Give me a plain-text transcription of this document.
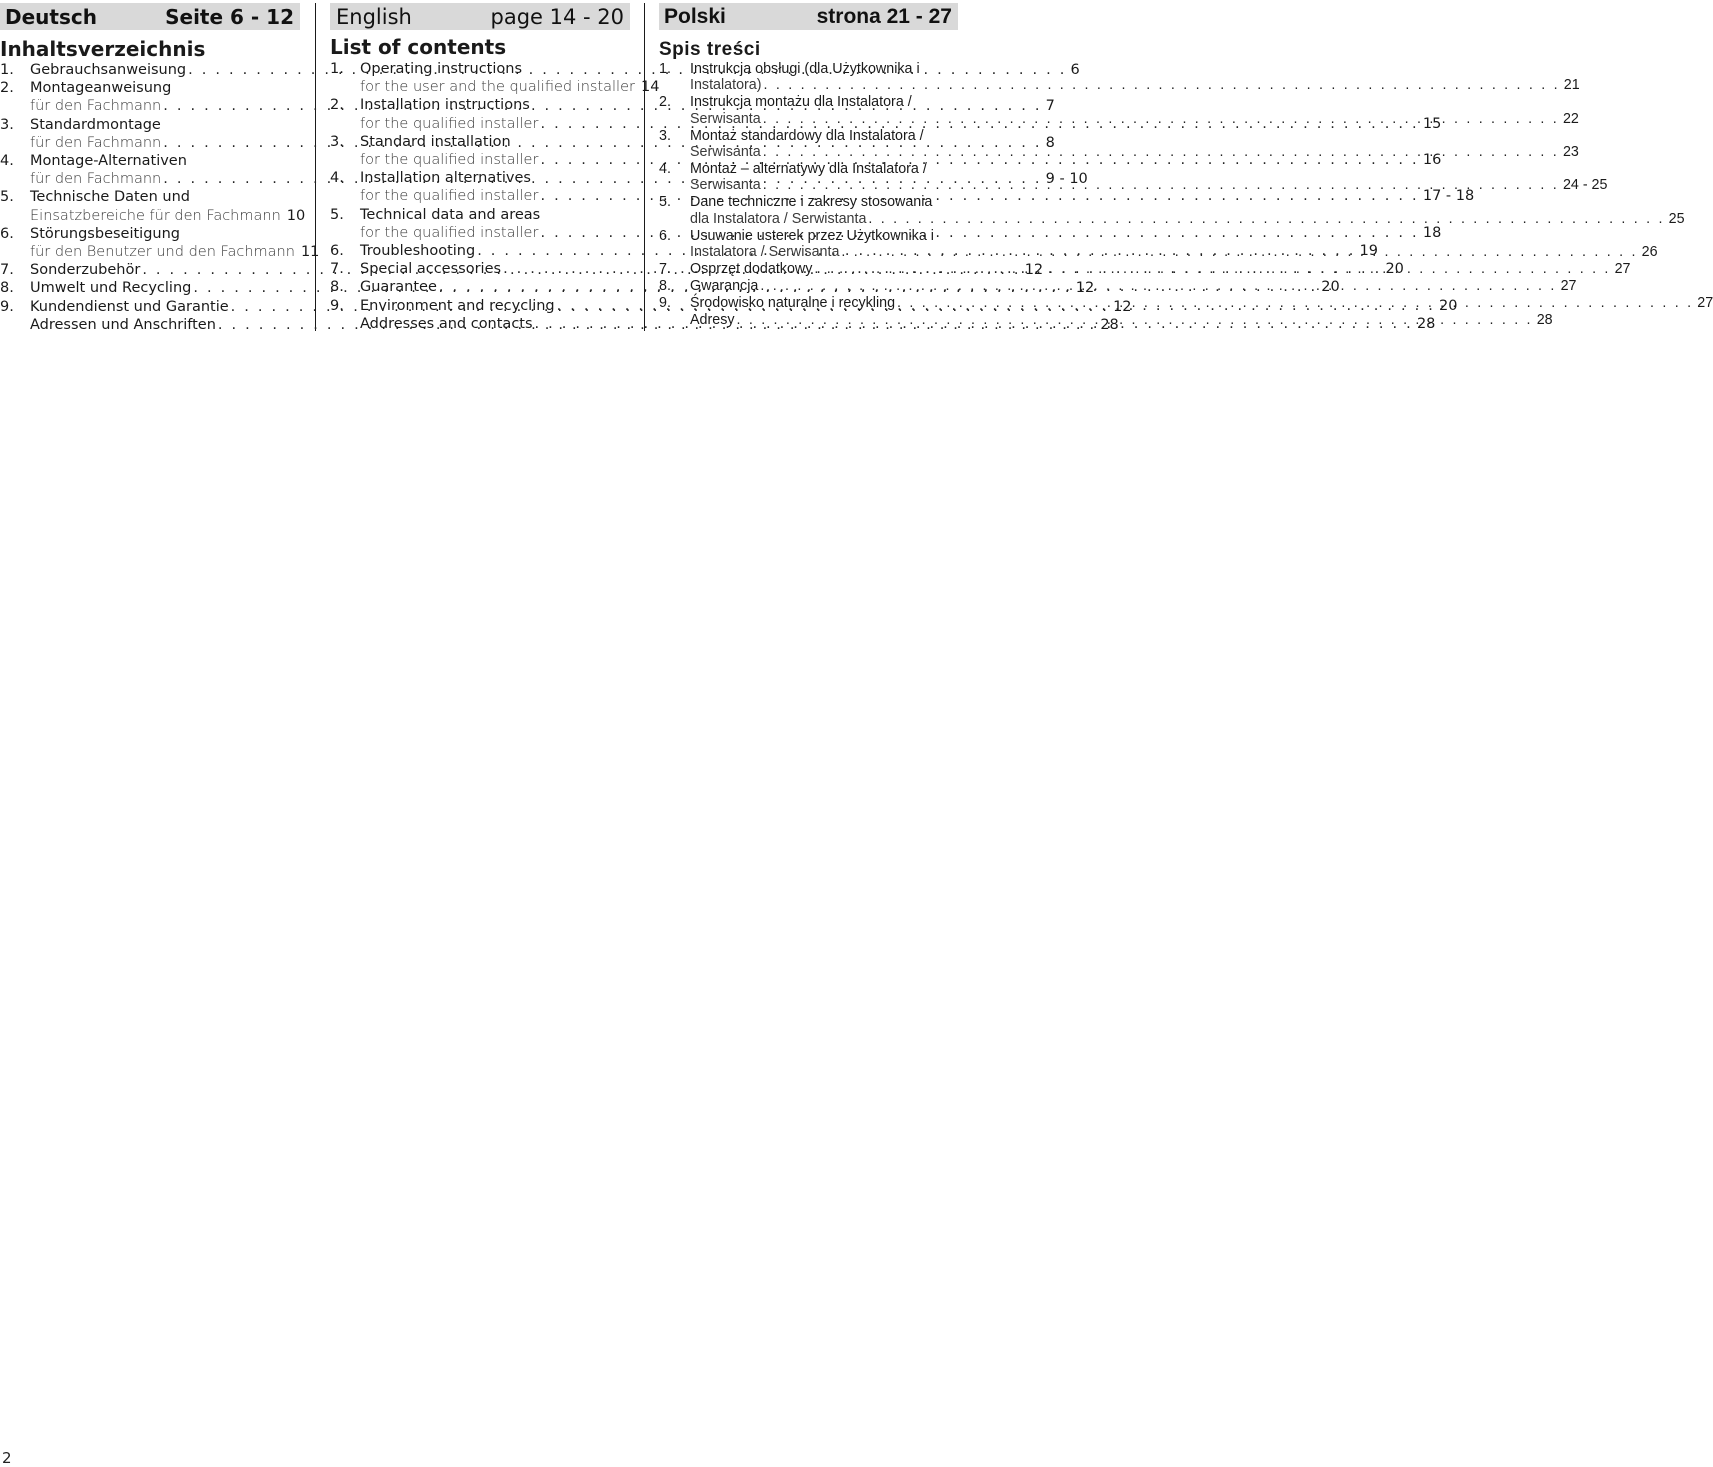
Deutsch	Seite 6 - 12
Inhaltsverzeichnis
1.	Gebrauchsanweisung . . .	6
2.	Montageanweisung
für den Fachmann . . .	7
3.	Standardmontage
für den Fachmann . . .	8
4.	Montage-Alternativen
für den Fachmann . . .	9 - 10
5.	Technische Daten und
Einsatzbereiche für den Fachmann 10
6.	Störungsbeseitigung
für den Benutzer und den Fachmann 11
7.	Sonderzubehör . . .	12
8.	Umwelt und Recycling . . .	12
9.	Kundendienst und Garantie . . .	12
Adressen und Anschriften . . .	28
English	page 14 - 20
List of contents
1.	Operating instructions
for the user and the qualified installer 14
2.	Installation instructions
for the qualified installer . . .	15
3.	Standard installation
for the qualified installer . . .	16
4.	Installation alternatives
for the qualified installer . . .	17 - 18
5.	Technical data and areas
for the qualified installer . . .	18
6.	Troubleshooting . . .	19
7.	Special accessories . . .	20
8.	Guarantee . . .	20
9.	Environment and recycling . . .	20
Addresses and contacts . . .	28
Polski	strona 21 - 27
Spis treści
1.	Instrukcja obsługi (dla Użytkownika i
Instalatora) . . .	21
2.	Instrukcja montażu dla Instalatora /
Serwisanta . . .	22
3.	Montaż standardowy dla Instalatora /
Serwisanta . . .	23
4.	Montaż – alternatywy dla Instalatora /
Serwisanta . . .	24 - 25
5.	Dane techniczne i zakresy stosowania
dla Instalatora / Serwistanta . . .	25
6.	Usuwanie usterek przez Użytkownika i
Instalatora / Serwisanta . . .	26
7.	Osprzęt dodatkowy . . .	27
8.	Gwarancja . . .	27
9.	Środowisko naturalne i recykling . . .	27
Adresy . . .	28
2
